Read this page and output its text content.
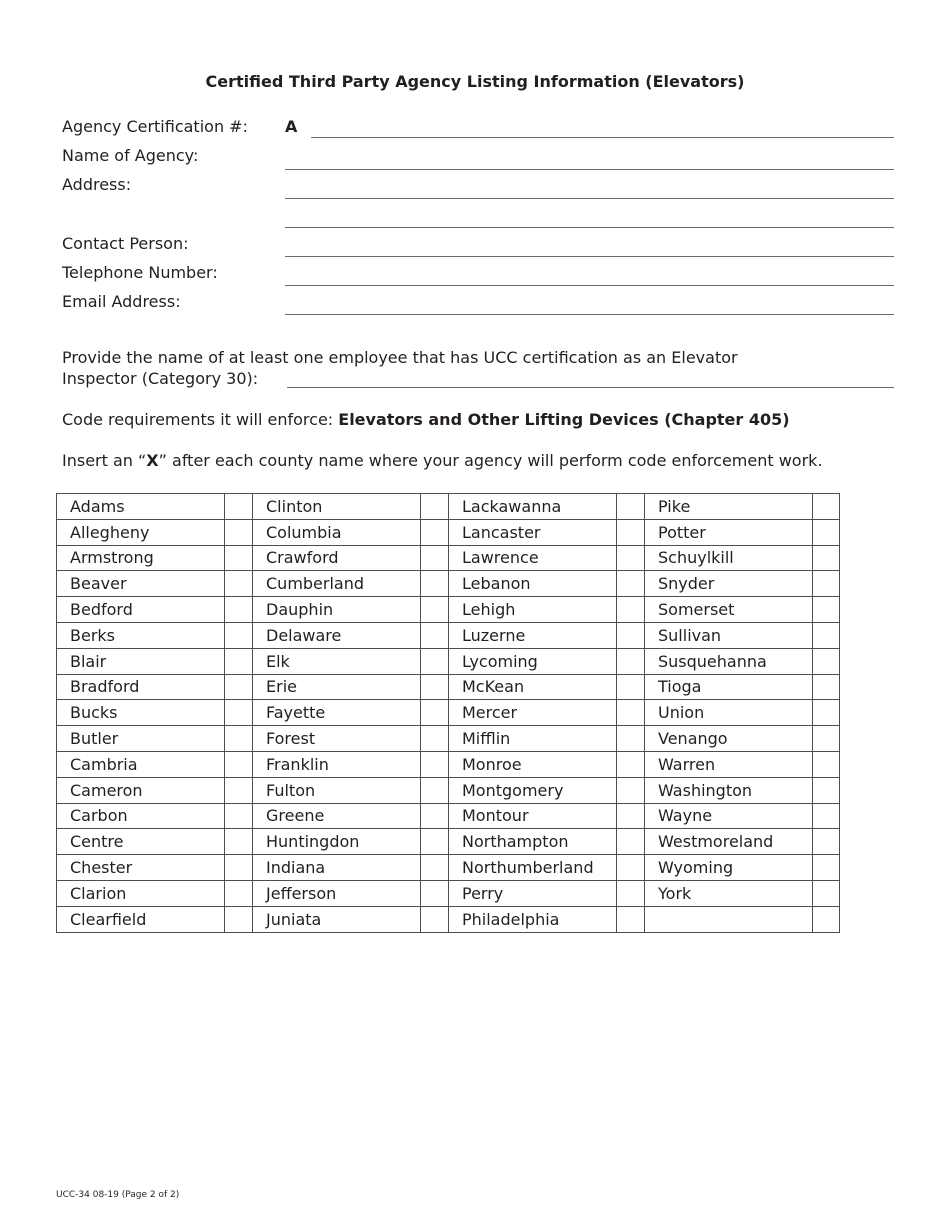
Certified Third Party Agency Listing Information (Elevators)
Agency Certification #: A
Name of Agency:
Address:
Contact Person:
Telephone Number:
Email Address:
Provide the name of at least one employee that has UCC certification as an Elevator
Inspector (Category 30):
Code requirements it will enforce: Elevators and Other Lifting Devices (Chapter 405)
Insert an “X” after each county name where your agency will perform code enforcement work.
Adams		Clinton		Lackawanna		Pike	
Allegheny		Columbia		Lancaster		Potter	
Armstrong		Crawford		Lawrence		Schuylkill	
Beaver		Cumberland		Lebanon		Snyder	
Bedford		Dauphin		Lehigh		Somerset	
Berks		Delaware		Luzerne		Sullivan	
Blair		Elk		Lycoming		Susquehanna	
Bradford		Erie		McKean		Tioga	
Bucks		Fayette		Mercer		Union	
Butler		Forest		Mifflin		Venango	
Cambria		Franklin		Monroe		Warren	
Cameron		Fulton		Montgomery		Washington	
Carbon		Greene		Montour		Wayne	
Centre		Huntingdon		Northampton		Westmoreland	
Chester		Indiana		Northumberland		Wyoming	
Clarion		Jefferson		Perry		York	
Clearfield		Juniata		Philadelphia			
UCC-34 08-19 (Page 2 of 2)
